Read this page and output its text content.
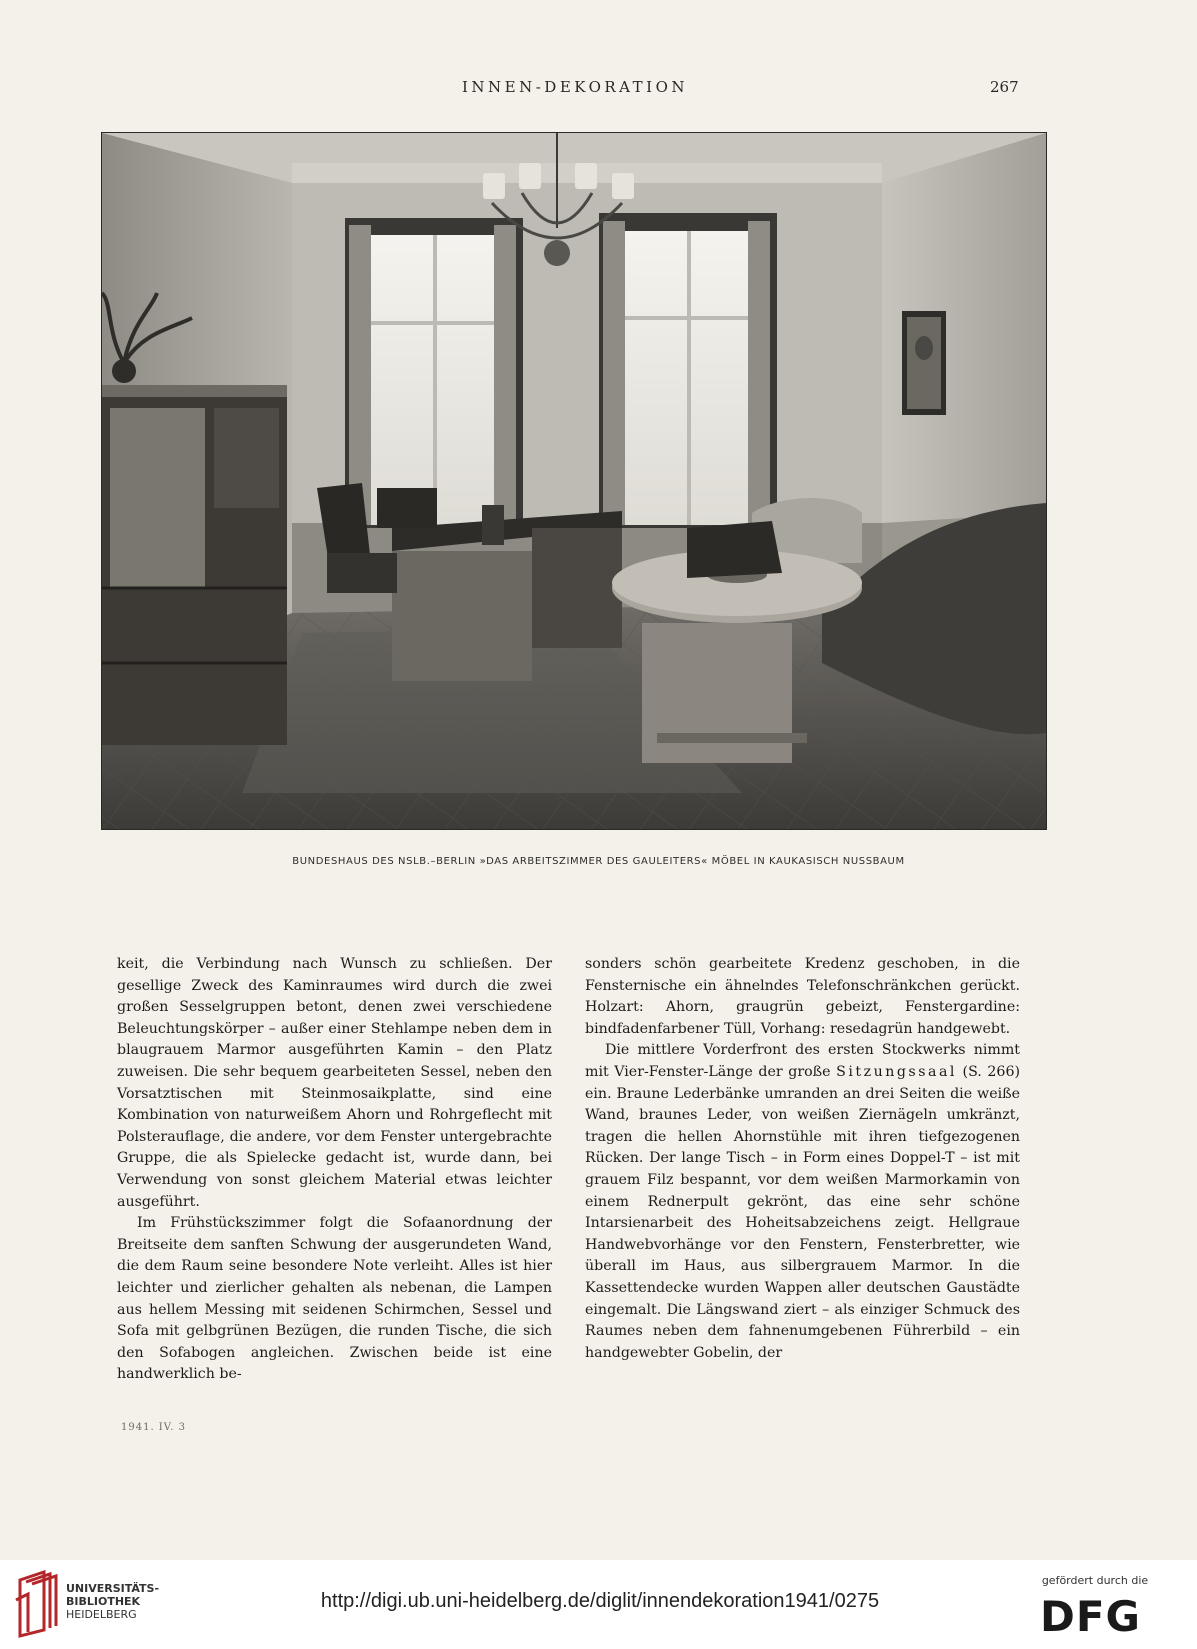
INNEN-DEKORATION	267
BUNDESHAUS DES NSLB.–BERLIN »DAS ARBEITSZIMMER DES GAULEITERS« MÖBEL IN KAUKASISCH NUSSBAUM

keit, die Verbindung nach Wunsch zu schließen. Der gesellige Zweck des Kaminraumes wird durch die zwei großen Sesselgruppen betont, denen zwei verschiedene Beleuchtungskörper – außer einer Stehlampe neben dem in blaugrauem Marmor ausgeführten Kamin – den Platz zuweisen. Die sehr bequem gearbeiteten Sessel, neben den Vorsatztischen mit Steinmosaikplatte, sind eine Kombination von naturweißem Ahorn und Rohrgeflecht mit Polsterauflage, die andere, vor dem Fenster untergebrachte Gruppe, die als Spielecke gedacht ist, wurde dann, bei Verwendung von sonst gleichem Material etwas leichter ausgeführt.

Im Frühstückszimmer folgt die Sofaanordnung der Breitseite dem sanften Schwung der ausgerundeten Wand, die dem Raum seine besondere Note verleiht. Alles ist hier leichter und zierlicher gehalten als nebenan, die Lampen aus hellem Messing mit seidenen Schirmchen, Sessel und Sofa mit gelbgrünen Bezügen, die runden Tische, die sich den Sofabogen angleichen. Zwischen beide ist eine handwerklich be-

sonders schön gearbeitete Kredenz geschoben, in die Fensternische ein ähnelndes Telefonschränkchen gerückt. Holzart: Ahorn, graugrün gebeizt, Fenstergardine: bindfadenfarbener Tüll, Vorhang: resedagrün handgewebt.

Die mittlere Vorderfront des ersten Stockwerks nimmt mit Vier-Fenster-Länge der große Sitzungssaal (S. 266) ein. Braune Lederbänke umranden an drei Seiten die weiße Wand, braunes Leder, von weißen Ziernägeln umkränzt, tragen die hellen Ahornstühle mit ihren tiefgezogenen Rücken. Der lange Tisch – in Form eines Doppel-T – ist mit grauem Filz bespannt, vor dem weißen Marmorkamin von einem Rednerpult gekrönt, das eine sehr schöne Intarsienarbeit des Hoheitsabzeichens zeigt. Hellgraue Handwebvorhänge vor den Fenstern, Fensterbretter, wie überall im Haus, aus silbergrauem Marmor. In die Kassettendecke wurden Wappen aller deutschen Gaustädte eingemalt. Die Längswand ziert – als einziger Schmuck des Raumes neben dem fahnenumgebenen Führerbild – ein handgewebter Gobelin, der

1941. IV. 3
UNIVERSITÄTS-
BIBLIOTHEK
HEIDELBERG
http://digi.ub.uni-heidelberg.de/diglit/innendekoration1941/0275
gefördert durch die
DFG
